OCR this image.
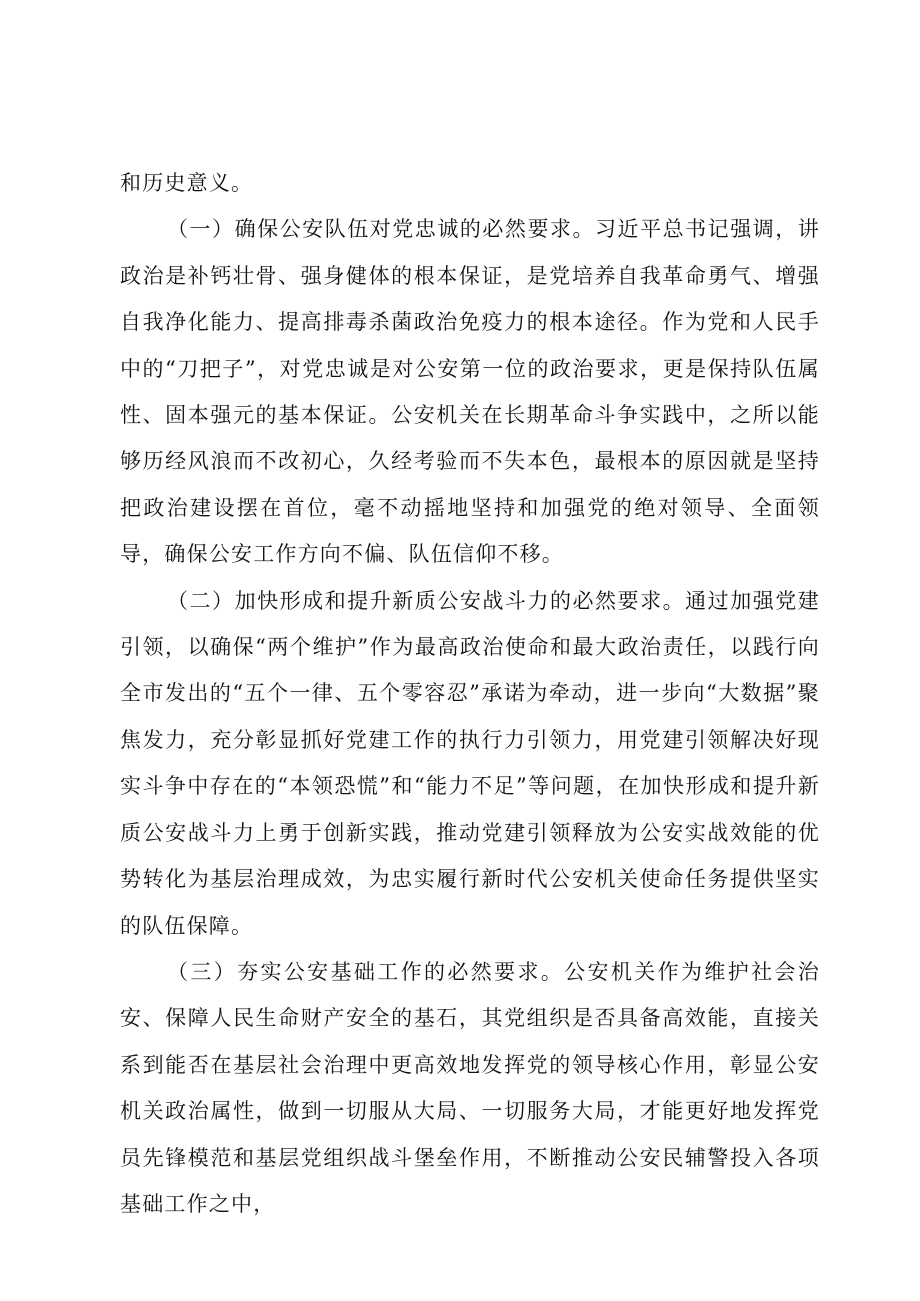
和历史意义。

（一）确保公安队伍对党忠诚的必然要求。习近平总书记强调，讲政治是补钙壮骨、强身健体的根本保证，是党培养自我革命勇气、增强自我净化能力、提高排毒杀菌政治免疫力的根本途径。作为党和人民手中的“刀把子”，对党忠诚是对公安第一位的政治要求，更是保持队伍属性、固本强元的基本保证。公安机关在长期革命斗争实践中，之所以能够历经风浪而不改初心，久经考验而不失本色，最根本的原因就是坚持把政治建设摆在首位，毫不动摇地坚持和加强党的绝对领导、全面领导，确保公安工作方向不偏、队伍信仰不移。

（二）加快形成和提升新质公安战斗力的必然要求。通过加强党建引领，以确保“两个维护”作为最高政治使命和最大政治责任，以践行向全市发出的“五个一律、五个零容忍”承诺为牵动，进一步向“大数据”聚焦发力，充分彰显抓好党建工作的执行力引领力，用党建引领解决好现实斗争中存在的“本领恐慌”和“能力不足”等问题，在加快形成和提升新质公安战斗力上勇于创新实践，推动党建引领释放为公安实战效能的优势转化为基层治理成效，为忠实履行新时代公安机关使命任务提供坚实的队伍保障。

（三）夯实公安基础工作的必然要求。公安机关作为维护社会治安、保障人民生命财产安全的基石，其党组织是否具备高效能，直接关系到能否在基层社会治理中更高效地发挥党的领导核心作用，彰显公安机关政治属性，做到一切服从大局、一切服务大局，才能更好地发挥党员先锋模范和基层党组织战斗堡垒作用，不断推动公安民辅警投入各项基础工作之中，
